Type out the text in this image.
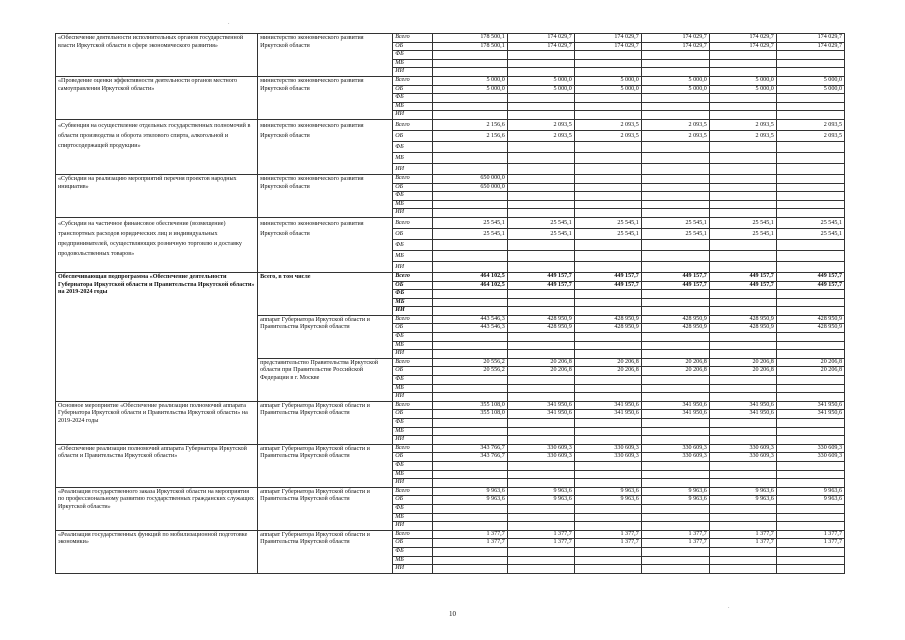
«Обеспечение деятельности исполнительных органов государственной власти Иркутской области в сфере экономического развития»	министерство экономического развития Иркутской области	Всего	178 500,1	174 029,7	174 029,7	174 029,7	174 029,7	174 029,7
		ОБ	178 500,1	174 029,7	174 029,7	174 029,7	174 029,7	174 029,7
		ФБ						
		МБ						
		ИИ						
«Проведение оценки эффективности деятельности органов местного самоуправления Иркутской области»	министерство экономического развития Иркутской области	Всего	5 000,0	5 000,0	5 000,0	5 000,0	5 000,0	5 000,0
		ОБ	5 000,0	5 000,0	5 000,0	5 000,0	5 000,0	5 000,0
		ФБ						
		МБ						
		ИИ						
«Субвенция на осуществление отдельных государственных полномочий в области производства и оборота этилового спирта, алкогольной и спиртосодержащей продукции»	министерство экономического развития Иркутской области	Всего	2 156,6	2 093,5	2 093,5	2 093,5	2 093,5	2 093,5
		ОБ	2 156,6	2 093,5	2 093,5	2 093,5	2 093,5	2 093,5
		ФБ						
		МБ						
		ИИ						
«Субсидии на реализацию мероприятий перечня проектов народных инициатив»	министерство экономического развития Иркутской области	Всего	650 000,0					
		ОБ	650 000,0					
		ФБ						
		МБ						
		ИИ						
«Субсидии на частичное финансовое обеспечение (возмещение) транспортных расходов юридических лиц и индивидуальных предпринимателей, осуществляющих розничную торговлю и доставку продовольственных товаров»	министерство экономического развития Иркутской области	Всего	25 545,1	25 545,1	25 545,1	25 545,1	25 545,1	25 545,1
		ОБ	25 545,1	25 545,1	25 545,1	25 545,1	25 545,1	25 545,1
		ФБ						
		МБ						
		ИИ						
Обеспечивающая подпрограмма «Обеспечение деятельности Губернатора Иркутской области и Правительства Иркутской области» на 2019-2024 годы	Всего, в том числе	Всего	464 102,5	449 157,7	449 157,7	449 157,7	449 157,7	449 157,7
		ОБ	464 102,5	449 157,7	449 157,7	449 157,7	449 157,7	449 157,7
		ФБ						
		МБ						
		ИИ						
	аппарат Губернатора Иркутской области и Правительства Иркутской области	Всего	443 546,3	428 950,9	428 950,9	428 950,9	428 950,9	428 950,9
		ОБ	443 546,3	428 950,9	428 950,9	428 950,9	428 950,9	428 950,9
		ФБ						
		МБ						
		ИИ						
	представительство Правительства Иркутской области при Правительстве Российской Федерации в г. Москве	Всего	20 556,2	20 206,8	20 206,8	20 206,8	20 206,8	20 206,8
		ОБ	20 556,2	20 206,8	20 206,8	20 206,8	20 206,8	20 206,8
		ФБ						
		МБ						
		ИИ						
Основное мероприятие «Обеспечение реализации полномочий аппарата Губернатора Иркутской области и Правительства Иркутской области» на 2019-2024 годы	аппарат Губернатора Иркутской области и Правительства Иркутской области	Всего	355 108,0	341 950,6	341 950,6	341 950,6	341 950,6	341 950,6
		ОБ	355 108,0	341 950,6	341 950,6	341 950,6	341 950,6	341 950,6
		ФБ						
		МБ						
		ИИ						
«Обеспечение реализации полномочий аппарата Губернатора Иркутской области и Правительства Иркутской области»	аппарат Губернатора Иркутской области и Правительства Иркутской области	Всего	343 766,7	330 609,3	330 609,3	330 609,3	330 609,3	330 609,3
		ОБ	343 766,7	330 609,3	330 609,3	330 609,3	330 609,3	330 609,3
		ФБ						
		МБ						
		ИИ						
«Реализация государственного заказа Иркутской области на мероприятия по профессиональному развитию государственных гражданских служащих Иркутской области»	аппарат Губернатора Иркутской области и Правительства Иркутской области	Всего	9 963,6	9 963,6	9 963,6	9 963,6	9 963,6	9 963,6
		ОБ	9 963,6	9 963,6	9 963,6	9 963,6	9 963,6	9 963,6
		ФБ						
		МБ						
		ИИ						
«Реализация государственных функций по мобилизационной подготовке экономики»	аппарат Губернатора Иркутской области и Правительства Иркутской области	Всего	1 377,7	1 377,7	1 377,7	1 377,7	1 377,7	1 377,7
		ОБ	1 377,7	1 377,7	1 377,7	1 377,7	1 377,7	1 377,7
		ФБ						
		МБ						
		ИИ						
10
.
.
